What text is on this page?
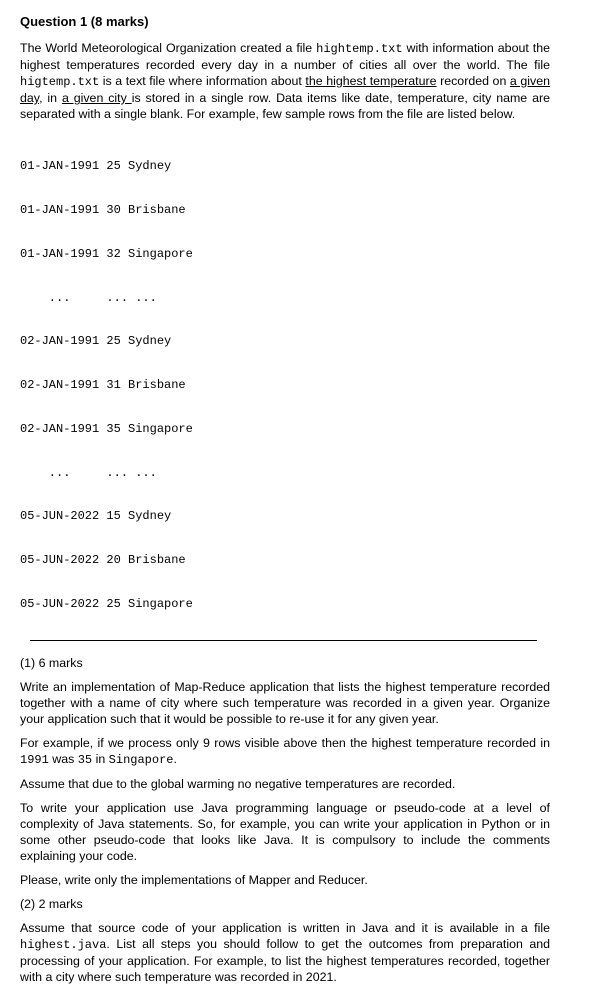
Question 1 (8 marks)
The World Meteorological Organization created a file hightemp.txt with information about the highest temperatures recorded every day in a number of cities all over the world. The file higtemp.txt is a text file where information about the highest temperature recorded on a given day, in a given city is stored in a single row. Data items like date, temperature, city name are separated with a single blank. For example, few sample rows from the file are listed below.

01-JAN-1991 25 Sydney

01-JAN-1991 30 Brisbane

01-JAN-1991 32 Singapore

...     ... ...

02-JAN-1991 25 Sydney

02-JAN-1991 31 Brisbane

02-JAN-1991 35 Singapore

...     ... ...

05-JUN-2022 15 Sydney

05-JUN-2022 20 Brisbane

05-JUN-2022 25 Singapore

(1) 6 marks
Write an implementation of Map-Reduce application that lists the highest temperature recorded together with a name of city where such temperature was recorded in a given year. Organize your application such that it would be possible to re-use it for any given year.
For example, if we process only 9 rows visible above then the highest temperature recorded in 1991 was 35 in Singapore.
Assume that due to the global warming no negative temperatures are recorded.
To write your application use Java programming language or pseudo-code at a level of complexity of Java statements. So, for example, you can write your application in Python or in some other pseudo-code that looks like Java. It is compulsory to include the comments explaining your code.
Please, write only the implementations of Mapper and Reducer.
(2) 2 marks
Assume that source code of your application is written in Java and it is available in a file highest.java. List all steps you should follow to get the outcomes from preparation and processing of your application. For example, to list the highest temperatures recorded, together with a city where such temperature was recorded in 2021.
